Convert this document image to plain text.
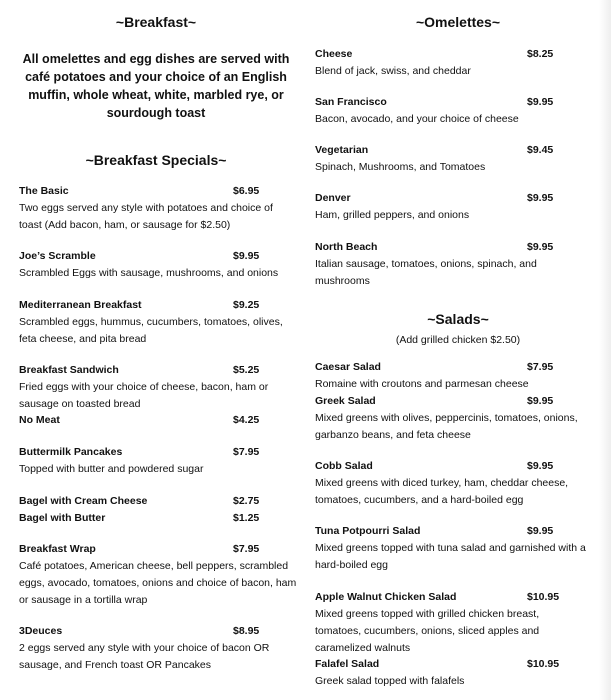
~Breakfast~
All omelettes and egg dishes are served with
café potatoes and your choice of an English
muffin, whole wheat, white, marbled rye, or
sourdough toast
~Breakfast Specials~
~Omelettes~
~Salads~
(Add grilled chicken $2.50)
The Basic	$6.95
Two eggs served any style with potatoes and choice of
toast (Add bacon, ham, or sausage for $2.50)
Joe’s Scramble	$9.95
Scrambled Eggs with sausage, mushrooms, and onions
Mediterranean Breakfast	$9.25
Scrambled eggs, hummus, cucumbers, tomatoes, olives,
feta cheese, and pita bread
Breakfast Sandwich	$5.25
Fried eggs with your choice of cheese, bacon, ham or
sausage on toasted bread
No Meat	$4.25
Buttermilk Pancakes	$7.95
Topped with butter and powdered sugar
Bagel with Cream Cheese	$2.75
Bagel with Butter	$1.25
Breakfast Wrap	$7.95
Café potatoes, American cheese, bell peppers, scrambled
eggs, avocado, tomatoes, onions and choice of bacon, ham
or sausage in a tortilla wrap
3Deuces	$8.95
2 eggs served any style with your choice of bacon OR
sausage, and French toast OR Pancakes
Cheese	$8.25
Blend of jack, swiss, and cheddar
San Francisco	$9.95
Bacon, avocado, and your choice of cheese
Vegetarian	$9.45
Spinach, Mushrooms, and Tomatoes
Denver	$9.95
Ham, grilled peppers, and onions
North Beach	$9.95
Italian sausage, tomatoes, onions, spinach, and
mushrooms
Caesar Salad	$7.95
Romaine with croutons and parmesan cheese
Greek Salad	$9.95
Mixed greens with olives, peppercinis, tomatoes, onions,
garbanzo beans, and feta cheese
Cobb Salad	$9.95
Mixed greens with diced turkey, ham, cheddar cheese,
tomatoes, cucumbers, and a hard-boiled egg
Tuna Potpourri Salad	$9.95
Mixed greens topped with tuna salad and garnished with a
hard-boiled egg
Apple Walnut Chicken Salad	$10.95
Mixed greens topped with grilled chicken breast,
tomatoes, cucumbers, onions, sliced apples and
caramelized walnuts
Falafel Salad	$10.95
Greek salad topped with falafels
